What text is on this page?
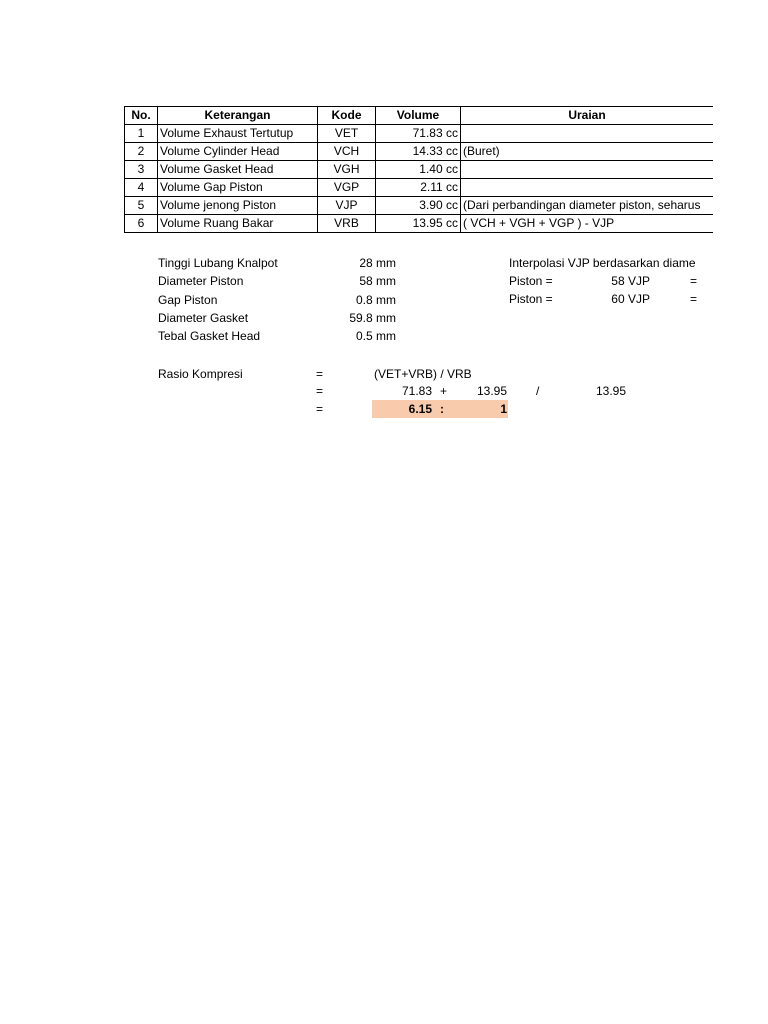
No.	Keterangan	Kode	Volume	Uraian
1	Volume Exhaust Tertutup	VET	71.83 cc	
2	Volume Cylinder Head	VCH	14.33 cc	(Buret)
3	Volume Gasket Head	VGH	1.40 cc	
4	Volume Gap Piston	VGP	2.11 cc	
5	Volume jenong Piston	VJP	3.90 cc	(Dari perbandingan diameter piston, seharus
6	Volume Ruang Bakar	VRB	13.95 cc	( VCH + VGH + VGP ) - VJP
Tinggi Lubang Knalpot	28 mm
Diameter Piston	58 mm
Gap Piston	0.8 mm
Diameter Gasket	59.8 mm
Tebal Gasket Head	0.5 mm
Interpolasi VJP berdasarkan diame
Piston =	58 VJP	=
Piston =	60 VJP	=
Rasio Kompresi	=	(VET+VRB) / VRB
=	71.83 +	13.95 /	13.95
=	6.15 :	1
